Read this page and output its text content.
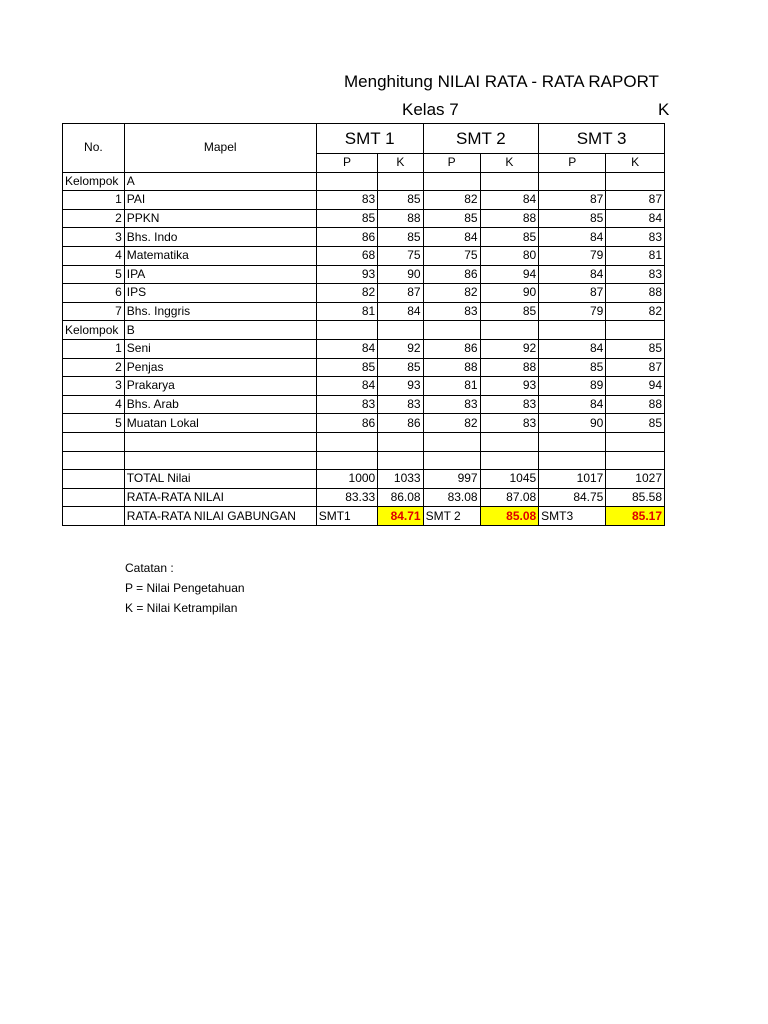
Menghitung NILAI RATA - RATA RAPORT
Kelas 7	K
No.	Mapel	SMT 1		SMT 2		SMT 3	
		P	K	P	K	P	K
Kelompok	A						
1	PAI	83	85	82	84	87	87
2	PPKN	85	88	85	88	85	84
3	Bhs. Indo	86	85	84	85	84	83
4	Matematika	68	75	75	80	79	81
5	IPA	93	90	86	94	84	83
6	IPS	82	87	82	90	87	88
7	Bhs. Inggris	81	84	83	85	79	82
Kelompok	B						
1	Seni	84	92	86	92	84	85
2	Penjas	85	85	88	88	85	87
3	Prakarya	84	93	81	93	89	94
4	Bhs. Arab	83	83	83	83	84	88
5	Muatan Lokal	86	86	82	83	90	85

	TOTAL Nilai	1000	1033	997	1045	1017	1027
	RATA-RATA NILAI	83.33	86.08	83.08	87.08	84.75	85.58
	RATA-RATA NILAI GABUNGAN	SMT1	84.71	SMT 2	85.08	SMT3	85.17
Catatan :
P = Nilai Pengetahuan
K = Nilai Ketrampilan
